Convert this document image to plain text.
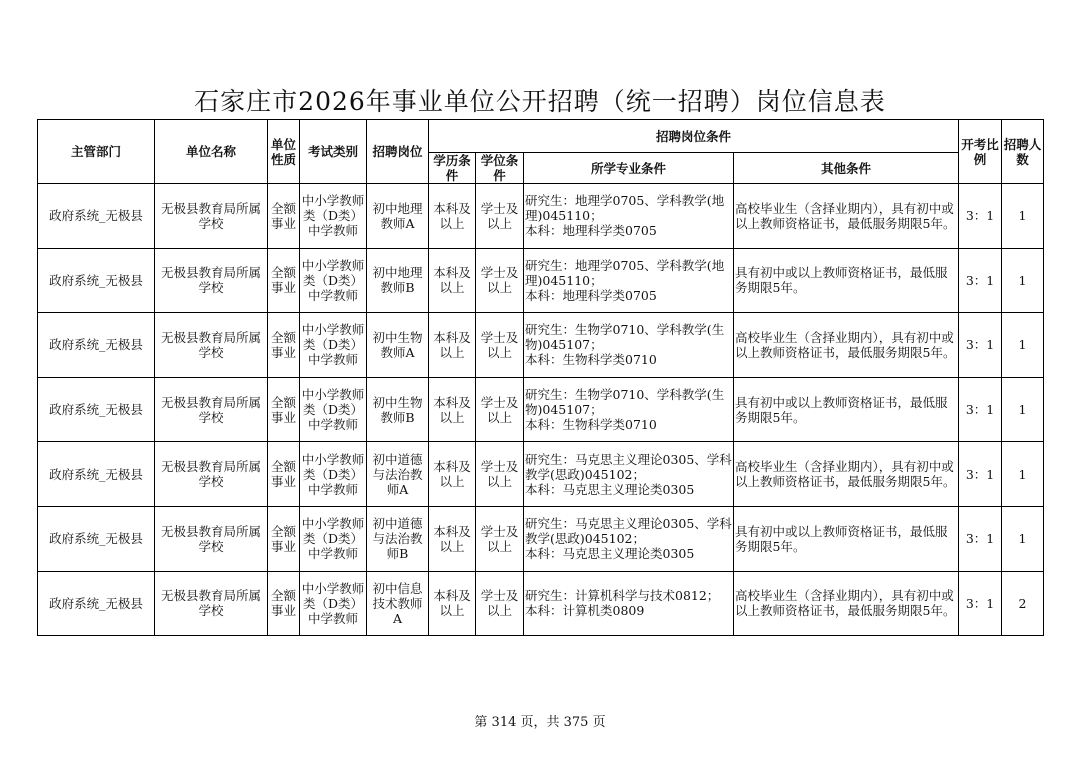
石家庄市2026年事业单位公开招聘（统一招聘）岗位信息表
主管部门	单位名称	单位性质	考试类别	招聘岗位	招聘岗位条件				开考比例	招聘人数
					学历条件	学位条件	所学专业条件	其他条件		
政府系统_无极县	无极县教育局所属学校	全额事业	中小学教师类（D类）中学教师	初中地理教师A	本科及以上	学士及以上	研究生：地理学0705、学科教学(地理)045110；
本科：地理科学类0705	高校毕业生（含择业期内），具有初中或以上教师资格证书，最低服务期限5年。	3：1	1
政府系统_无极县	无极县教育局所属学校	全额事业	中小学教师类（D类）中学教师	初中地理教师B	本科及以上	学士及以上	研究生：地理学0705、学科教学(地理)045110；
本科：地理科学类0705	具有初中或以上教师资格证书，最低服务期限5年。	3：1	1
政府系统_无极县	无极县教育局所属学校	全额事业	中小学教师类（D类）中学教师	初中生物教师A	本科及以上	学士及以上	研究生：生物学0710、学科教学(生物)045107；
本科：生物科学类0710	高校毕业生（含择业期内），具有初中或以上教师资格证书，最低服务期限5年。	3：1	1
政府系统_无极县	无极县教育局所属学校	全额事业	中小学教师类（D类）中学教师	初中生物教师B	本科及以上	学士及以上	研究生：生物学0710、学科教学(生物)045107；
本科：生物科学类0710	具有初中或以上教师资格证书，最低服务期限5年。	3：1	1
政府系统_无极县	无极县教育局所属学校	全额事业	中小学教师类（D类）中学教师	初中道德与法治教师A	本科及以上	学士及以上	研究生：马克思主义理论0305、学科教学(思政)045102；
本科：马克思主义理论类0305	高校毕业生（含择业期内），具有初中或以上教师资格证书，最低服务期限5年。	3：1	1
政府系统_无极县	无极县教育局所属学校	全额事业	中小学教师类（D类）中学教师	初中道德与法治教师B	本科及以上	学士及以上	研究生：马克思主义理论0305、学科教学(思政)045102；
本科：马克思主义理论类0305	具有初中或以上教师资格证书，最低服务期限5年。	3：1	1
政府系统_无极县	无极县教育局所属学校	全额事业	中小学教师类（D类）中学教师	初中信息技术教师A	本科及以上	学士及以上	研究生：计算机科学与技术0812；
本科：计算机类0809	高校毕业生（含择业期内），具有初中或以上教师资格证书，最低服务期限5年。	3：1	2
第 314 页，共 375 页
